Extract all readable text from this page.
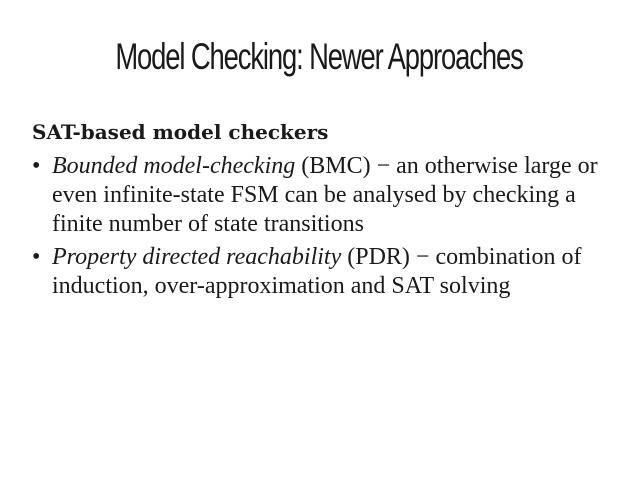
Model Checking: Newer Approaches
SAT-based model checkers
• Bounded model-checking (BMC) − an otherwise large or even infinite-state FSM can be analysed by checking a finite number of state transitions
• Property directed reachability (PDR) − combination of induction, over-approximation and SAT solving
